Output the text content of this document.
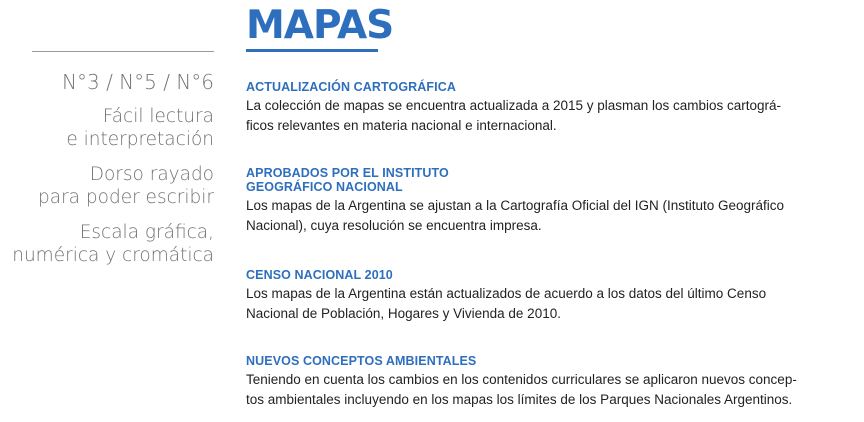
MAPAS
N°3 / N°5 / N°6
Fácil lectura
e interpretación
Dorso rayado
para poder escribir
Escala gráfica,
numérica y cromática
ACTUALIZACIÓN CARTOGRÁFICA

La colección de mapas se encuentra actualizada a 2015 y plasman los cambios cartográ-
ficos relevantes en materia nacional e internacional.

APROBADOS POR EL INSTITUTO
GEOGRÁFICO NACIONAL

Los mapas de la Argentina se ajustan a la Cartografía Oficial del IGN (Instituto Geográfico
Nacional), cuya resolución se encuentra impresa.

CENSO NACIONAL 2010

Los mapas de la Argentina están actualizados de acuerdo a los datos del último Censo
Nacional de Población, Hogares y Vivienda de 2010.

NUEVOS CONCEPTOS AMBIENTALES

Teniendo en cuenta los cambios en los contenidos curriculares se aplicaron nuevos concep-
tos ambientales incluyendo en los mapas los límites de los Parques Nacionales Argentinos.
